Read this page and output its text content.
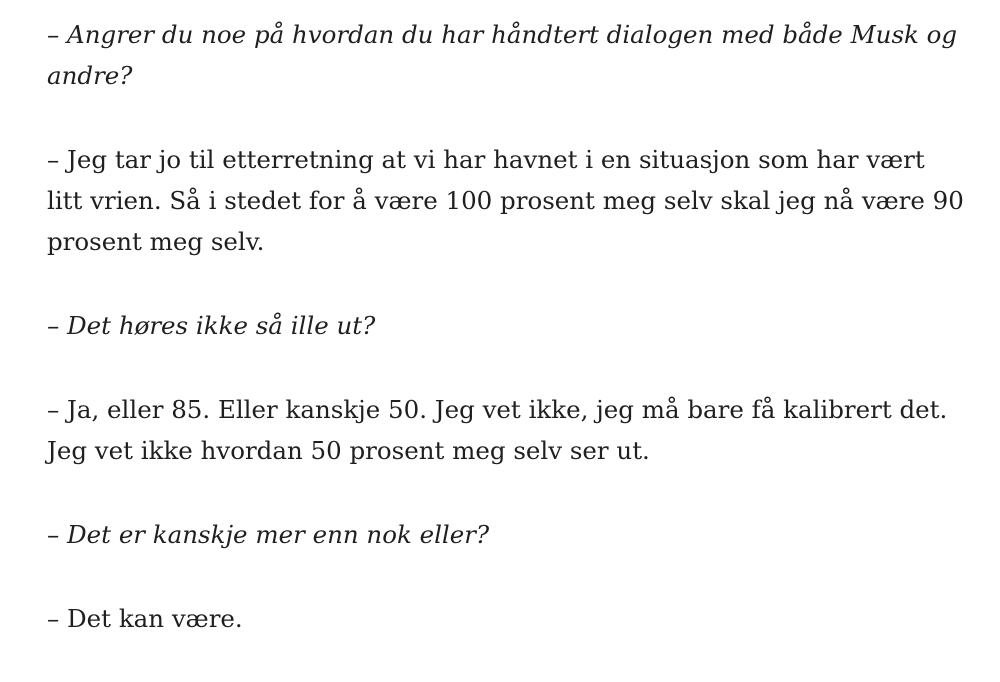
– Angrer du noe på hvordan du har håndtert dialogen med både Musk og andre?

– Jeg tar jo til etterretning at vi har havnet i en situasjon som har vært litt vrien. Så i stedet for å være 100 prosent meg selv skal jeg nå være 90 prosent meg selv.

– Det høres ikke så ille ut?

– Ja, eller 85. Eller kanskje 50. Jeg vet ikke, jeg må bare få kalibrert det. Jeg vet ikke hvordan 50 prosent meg selv ser ut.

– Det er kanskje mer enn nok eller?

– Det kan være.
